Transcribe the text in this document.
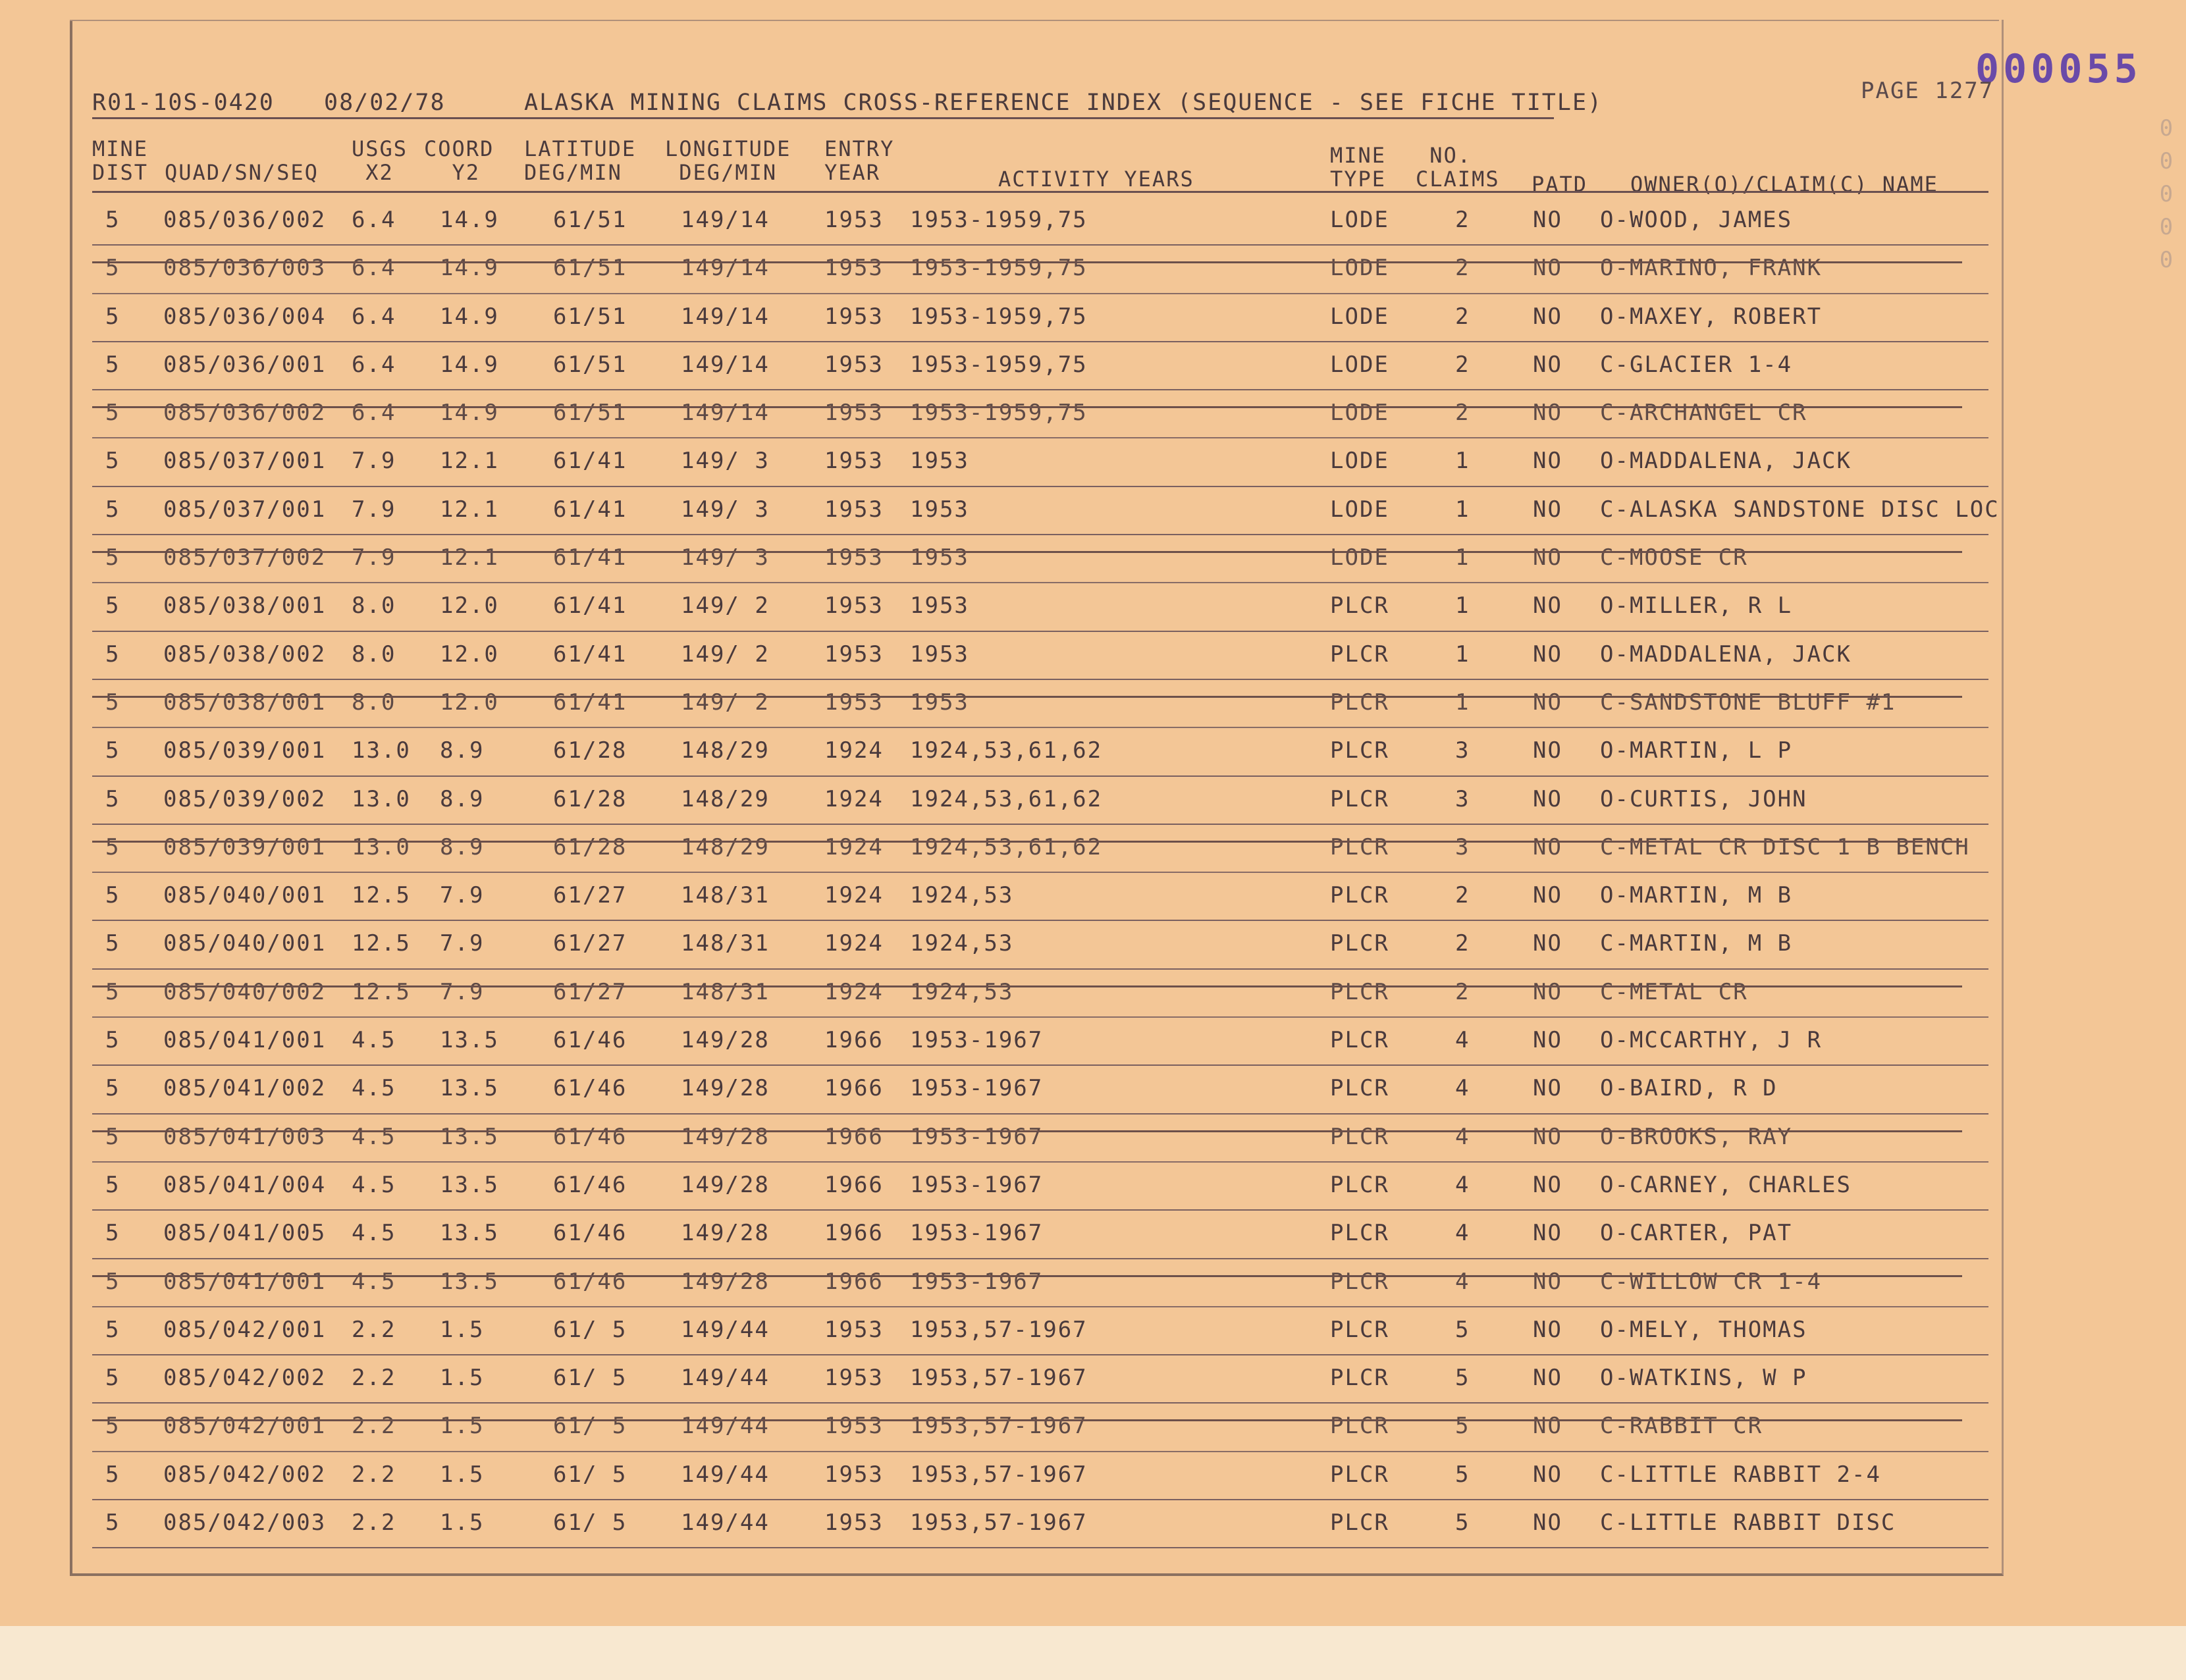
000055
0
0
0
0
0
PAGE 1277
R01-10S-0420 08/02/78	ALASKA MINING CLAIMS CROSS-REFERENCE INDEX (SEQUENCE - SEE FICHE TITLE)
MINE
DIST
QUAD/SN/SEQ
USGS
X2
COORD
Y2
LATITUDE
DEG/MIN
LONGITUDE
DEG/MIN
ENTRY
YEAR	
ACTIVITY YEARS
MINE
TYPE
NO.
CLAIMS
PATD
OWNER(O)/CLAIM(C) NAME
5 085/036/002 6.4 14.9 61/51 149/14 1953 1953-1959,75	LODE	2	NO O-WOOD, JAMES
5 085/036/003 6.4 14.9 61/51 149/14 1953 1953-1959,75	LODE	2	NO O-MARINO, FRANK
5 085/036/004 6.4 14.9 61/51 149/14 1953 1953-1959,75	LODE	2	NO O-MAXEY, ROBERT
5 085/036/001 6.4 14.9 61/51 149/14 1953 1953-1959,75	LODE	2	NO C-GLACIER 1-4
5 085/036/002 6.4 14.9 61/51 149/14 1953 1953-1959,75	LODE	2	NO C-ARCHANGEL CR
5 085/037/001 7.9 12.1 61/41 149/ 3 1953 1953	LODE	1	NO O-MADDALENA, JACK
5 085/037/001 7.9 12.1 61/41 149/ 3 1953 1953	LODE	1	NO C-ALASKA SANDSTONE DISC LOC
5 085/037/002 7.9 12.1 61/41 149/ 3 1953 1953	LODE	1	NO C-MOOSE CR
5 085/038/001 8.0 12.0 61/41 149/ 2 1953 1953	PLCR	1	NO O-MILLER, R L
5 085/038/002 8.0 12.0 61/41 149/ 2 1953 1953	PLCR	1	NO O-MADDALENA, JACK
5 085/038/001 8.0 12.0 61/41 149/ 2 1953 1953	PLCR	1	NO C-SANDSTONE BLUFF #1
5 085/039/001 13.0 8.9	61/28 148/29 1924 1924,53,61,62	PLCR	3	NO O-MARTIN, L P
5 085/039/002 13.0 8.9	61/28 148/29 1924 1924,53,61,62	PLCR	3	NO O-CURTIS, JOHN
5 085/039/001 13.0 8.9	61/28 148/29 1924 1924,53,61,62	PLCR	3	NO C-METAL CR DISC 1 B BENCH
5 085/040/001 12.5 7.9	61/27 148/31 1924 1924,53	PLCR	2	NO O-MARTIN, M B
5 085/040/001 12.5 7.9	61/27 148/31 1924 1924,53	PLCR	2	NO C-MARTIN, M B
5 085/040/002 12.5 7.9	61/27 148/31 1924 1924,53	PLCR	2	NO C-METAL CR
5 085/041/001 4.5 13.5 61/46 149/28 1966 1953-1967	PLCR	4	NO O-MCCARTHY, J R
5 085/041/002 4.5 13.5 61/46 149/28 1966 1953-1967	PLCR	4	NO O-BAIRD, R D
5 085/041/003 4.5 13.5 61/46 149/28 1966 1953-1967	PLCR	4	NO O-BROOKS, RAY
5 085/041/004 4.5 13.5 61/46 149/28 1966 1953-1967	PLCR	4	NO O-CARNEY, CHARLES
5 085/041/005 4.5 13.5 61/46 149/28 1966 1953-1967	PLCR	4	NO O-CARTER, PAT
5 085/041/001 4.5 13.5 61/46 149/28 1966 1953-1967	PLCR	4	NO C-WILLOW CR 1-4
5 085/042/001 2.2 1.5	61/ 5 149/44 1953 1953,57-1967	PLCR	5	NO O-MELY, THOMAS
5 085/042/002 2.2 1.5	61/ 5 149/44 1953 1953,57-1967	PLCR	5	NO O-WATKINS, W P
5 085/042/001 2.2 1.5	61/ 5 149/44 1953 1953,57-1967	PLCR	5	NO C-RABBIT CR
5 085/042/002 2.2 1.5	61/ 5 149/44 1953 1953,57-1967	PLCR	5	NO C-LITTLE RABBIT 2-4
5 085/042/003 2.2 1.5	61/ 5 149/44 1953 1953,57-1967	PLCR	5	NO C-LITTLE RABBIT DISC
